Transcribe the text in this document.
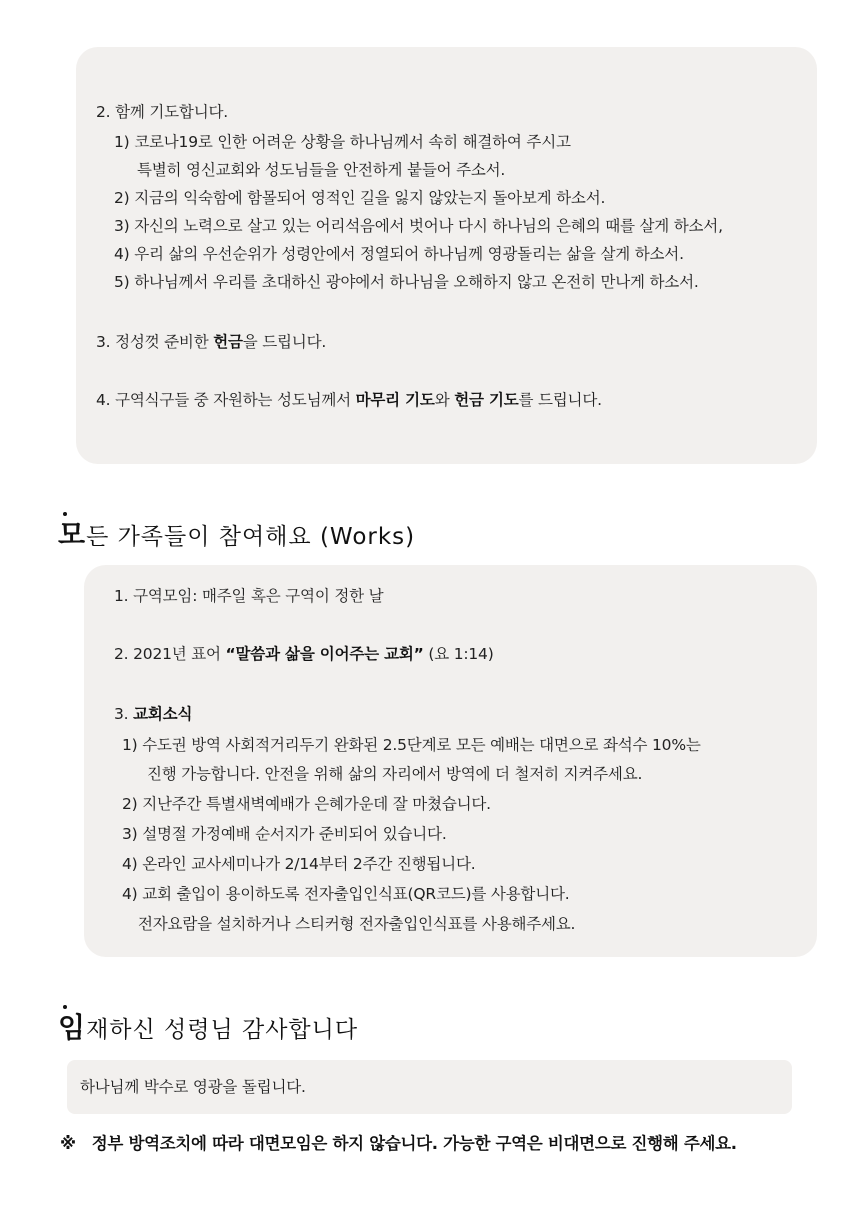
2. 함께 기도합니다.
1) 코로나19로 인한 어려운 상황을 하나님께서 속히 해결하여 주시고
특별히 영신교회와 성도님들을 안전하게 붙들어 주소서.
2) 지금의 익숙함에 함몰되어 영적인 길을 잃지 않았는지 돌아보게 하소서.
3) 자신의 노력으로 살고 있는 어리석음에서 벗어나 다시 하나님의 은혜의 때를 살게 하소서,
4) 우리 삶의 우선순위가 성령안에서 정열되어 하나님께 영광돌리는 삶을 살게 하소서.
5) 하나님께서 우리를 초대하신 광야에서 하나님을 오해하지 않고 온전히 만나게 하소서.
3. 정성껏 준비한 헌금을 드립니다.
4. 구역식구들 중 자원하는 성도님께서 마무리 기도와 헌금 기도를 드립니다.
모든 가족들이 참여해요 (Works)
1. 구역모임: 매주일 혹은 구역이 정한 날
2. 2021년 표어 “말씀과 삶을 이어주는 교회” (요 1:14)
3. 교회소식
1) 수도권 방역 사회적거리두기 완화된 2.5단계로 모든 예배는 대면으로 좌석수 10%는
진행 가능합니다. 안전을 위해 삶의 자리에서 방역에 더 철저히 지켜주세요.
2) 지난주간 특별새벽예배가 은혜가운데 잘 마쳤습니다.
3) 설명절 가정예배 순서지가 준비되어 있습니다.
4) 온라인 교사세미나가 2/14부터 2주간 진행됩니다.
4) 교회 출입이 용이하도록 전자출입인식표(QR코드)를 사용합니다.
전자요람을 설치하거나 스티커형 전자출입인식표를 사용해주세요.
임재하신 성령님 감사합니다
하나님께 박수로 영광을 돌립니다.
※ 정부 방역조치에 따라 대면모임은 하지 않습니다. 가능한 구역은 비대면으로 진행해 주세요.
